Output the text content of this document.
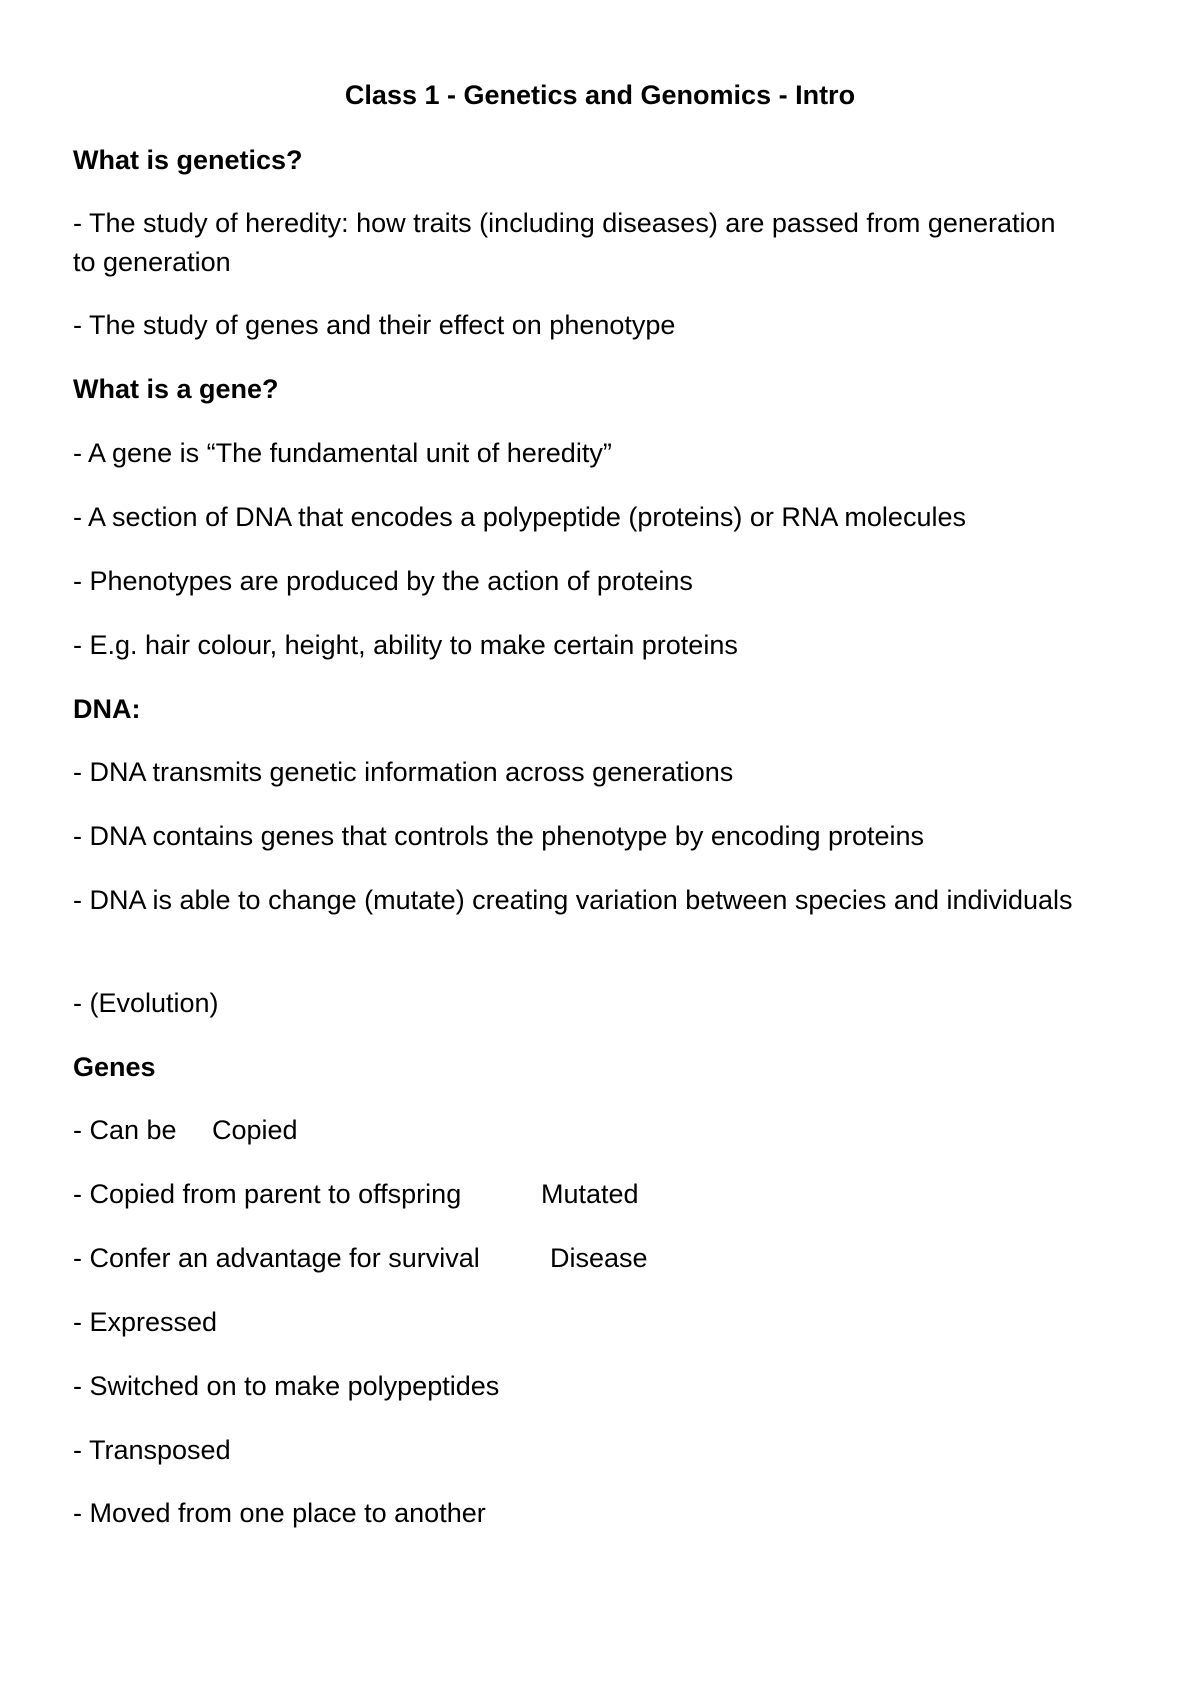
Class 1 - Genetics and Genomics - Intro
What is genetics?
- The study of heredity: how traits (including diseases) are passed from generation to generation
- The study of genes and their effect on phenotype
What is a gene?
- A gene is “The fundamental unit of heredity”
- A section of DNA that encodes a polypeptide (proteins) or RNA molecules
- Phenotypes are produced by the action of proteins
- E.g. hair colour, height, ability to make certain proteins
DNA:
- DNA transmits genetic information across generations
- DNA contains genes that controls the phenotype by encoding proteins
- DNA is able to change (mutate) creating variation between species and individuals
- (Evolution)
Genes
- Can be	Copied
- Copied from parent to offspring	Mutated
- Confer an advantage for survival	Disease
- Expressed
- Switched on to make polypeptides
- Transposed
- Moved from one place to another
